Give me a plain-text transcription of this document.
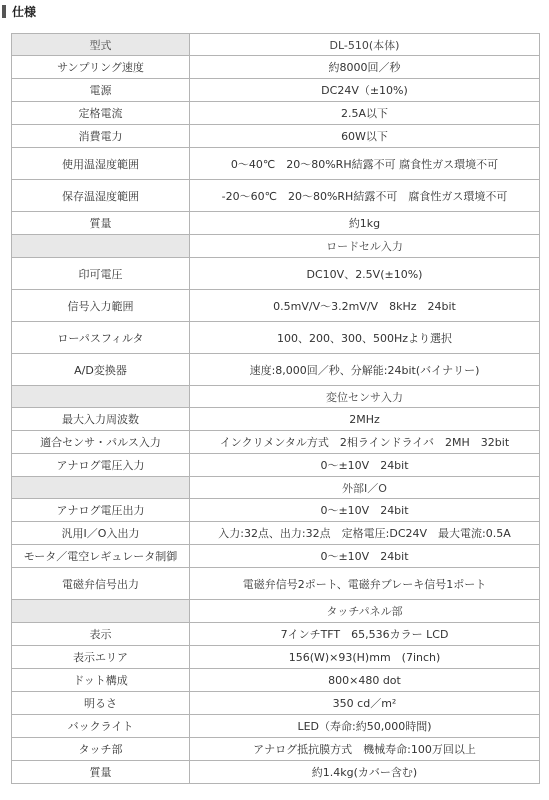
仕様
型式	DL-510(本体)
サンプリング速度	約8000回／秒
電源	DC24V（±10%)
定格電流	2.5A以下
消費電力	60W以下
使用温湿度範囲	0～40℃　20～80%RH結露不可 腐食性ガス環境不可
保存温湿度範囲	-20～60℃　20～80%RH結露不可　腐食性ガス環境不可
質量	約1kg
	ロードセル入力
印可電圧	DC10V、2.5V(±10%)
信号入力範囲	0.5mV/V～3.2mV/V　8kHz　24bit
ローパスフィルタ	100、200、300、500Hzより選択
A/D変換器	速度:8,000回／秒、分解能:24bit(バイナリー)
	変位センサ入力
最大入力周波数	2MHz
適合センサ・パルス入力	インクリメンタル方式　2相ラインドライバ　2MH　32bit
アナログ電圧入力	0～±10V　24bit
	外部I／O
アナログ電圧出力	0～±10V　24bit
汎用I／O入出力	入力:32点、出力:32点　定格電圧:DC24V　最大電流:0.5A
モータ／電空レギュレータ制御	0～±10V　24bit
電磁弁信号出力	電磁弁信号2ポート、電磁弁ブレーキ信号1ポート
	タッチパネル部
表示	7インチTFT　65,536カラー LCD
表示エリア	156(W)×93(H)mm　(7inch)
ドット構成	800×480 dot
明るさ	350 cd／m²
バックライト	LED（寿命:約50,000時間)
タッチ部	アナログ抵抗膜方式　機械寿命:100万回以上
質量	約1.4kg(カバー含む)
